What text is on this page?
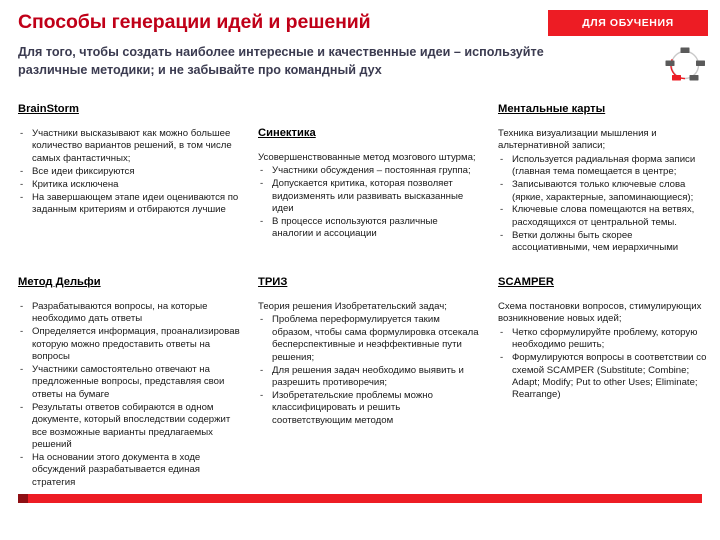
Способы генерации идей и решений
Для того, чтобы создать наиболее интересные и качественные идеи – используйте различные методики; и не забывайте про командный дух
ДЛЯ ОБУЧЕНИЯ
BrainStorm
- Участники высказывают как можно большее количество вариантов решений, в том числе самых фантастичных;
- Все идеи фиксируются
- Критика исключена
- На завершающем этапе идеи оцениваются по заданным критериям и отбираются лучшие
Синектика

Усовершенствованные метод мозгового штурма;

- Участники обсуждения – постоянная группа;
- Допускается критика, которая позволяет видоизменять или развивать высказанные идеи
- В процессе используются различные аналогии и ассоциации
Ментальные карты

Техника визуализации мышления и альтернативной записи;

- Используется радиальная форма записи (главная тема помещается в центре;
- Записываются только ключевые слова (яркие, характерные, запоминающиеся);
- Ключевые слова помещаются на ветвях, расходящихся от центральной темы.
- Ветки должны быть скорее ассоциативными, чем иерархичными
Метод Дельфи
- Разрабатываются вопросы, на которые необходимо дать ответы
- Определяется информация, проанализировав которую можно предоставить ответы на вопросы
- Участники самостоятельно отвечают на предложенные вопросы, представляя свои ответы на бумаге
- Результаты ответов собираются в одном документе, который впоследствии содержит все возможные варианты предлагаемых решений
- На основании этого документа в ходе обсуждений разрабатывается единая стратегия
ТРИЗ

Теория решения Изобретательский задач;

- Проблема переформулируется таким образом, чтобы сама формулировка отсекала бесперспективные и неэффективные пути решения;
- Для решения задач необходимо выявить и разрешить противоречия;
- Изобретательские проблемы можно классифицировать и решить соответствующим методом
SCAMPER

Схема постановки вопросов, стимулирующих возникновение новых идей;

- Четко сформулируйте проблему, которую необходимо решить;
- Формулируются вопросы в соответствии со схемой SCAMPER (Substitute; Combine; Adapt; Modify; Put to other Uses; Eliminate; Rearrange)
